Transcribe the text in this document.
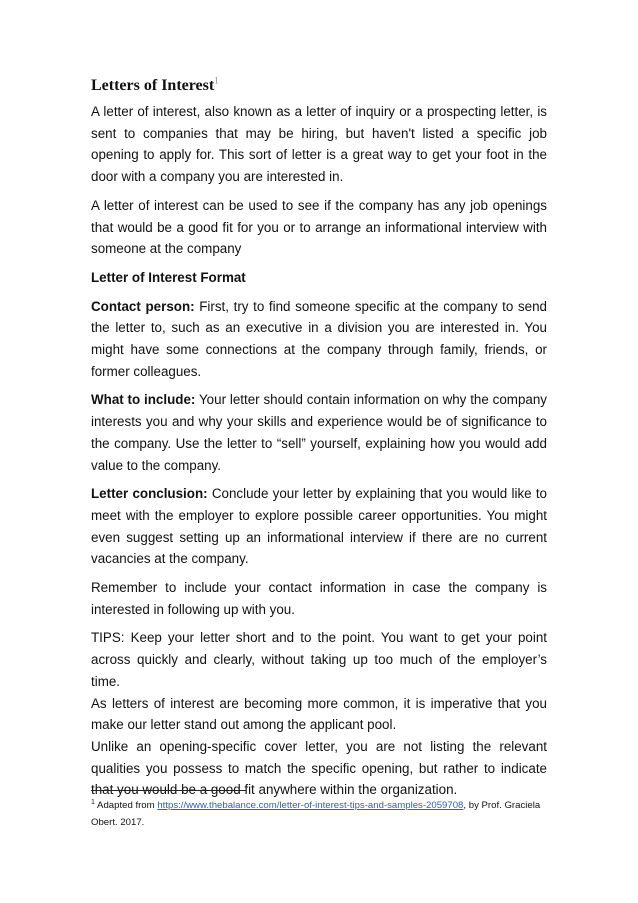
Letters of Interest$^1$

A letter of interest, also known as a letter of inquiry or a prospecting letter, is sent to companies that may be hiring, but haven't listed a specific job opening to apply for. This sort of letter is a great way to get your foot in the door with a company you are interested in.

A letter of interest can be used to see if the company has any job openings that would be a good fit for you or to arrange an informational interview with someone at the company

Letter of Interest Format

Contact person: First, try to find someone specific at the company to send the letter to, such as an executive in a division you are interested in. You might have some connections at the company through family, friends, or former colleagues.

What to include: Your letter should contain information on why the company interests you and why your skills and experience would be of significance to the company. Use the letter to “sell” yourself, explaining how you would add value to the company.

Letter conclusion: Conclude your letter by explaining that you would like to meet with the employer to explore possible career opportunities. You might even suggest setting up an informational interview if there are no current vacancies at the company.

Remember to include your contact information in case the company is interested in following up with you.

TIPS: Keep your letter short and to the point. You want to get your point across quickly and clearly, without taking up too much of the employer’s time.

As letters of interest are becoming more common, it is imperative that you make our letter stand out among the applicant pool.

Unlike an opening-specific cover letter, you are not listing the relevant qualities you possess to match the specific opening, but rather to indicate that you would be a good fit anywhere within the organization.

$^1$ Adapted from https://www.thebalance.com/letter-of-interest-tips-and-samples-2059708, by Prof. Graciela Obert. 2017.
